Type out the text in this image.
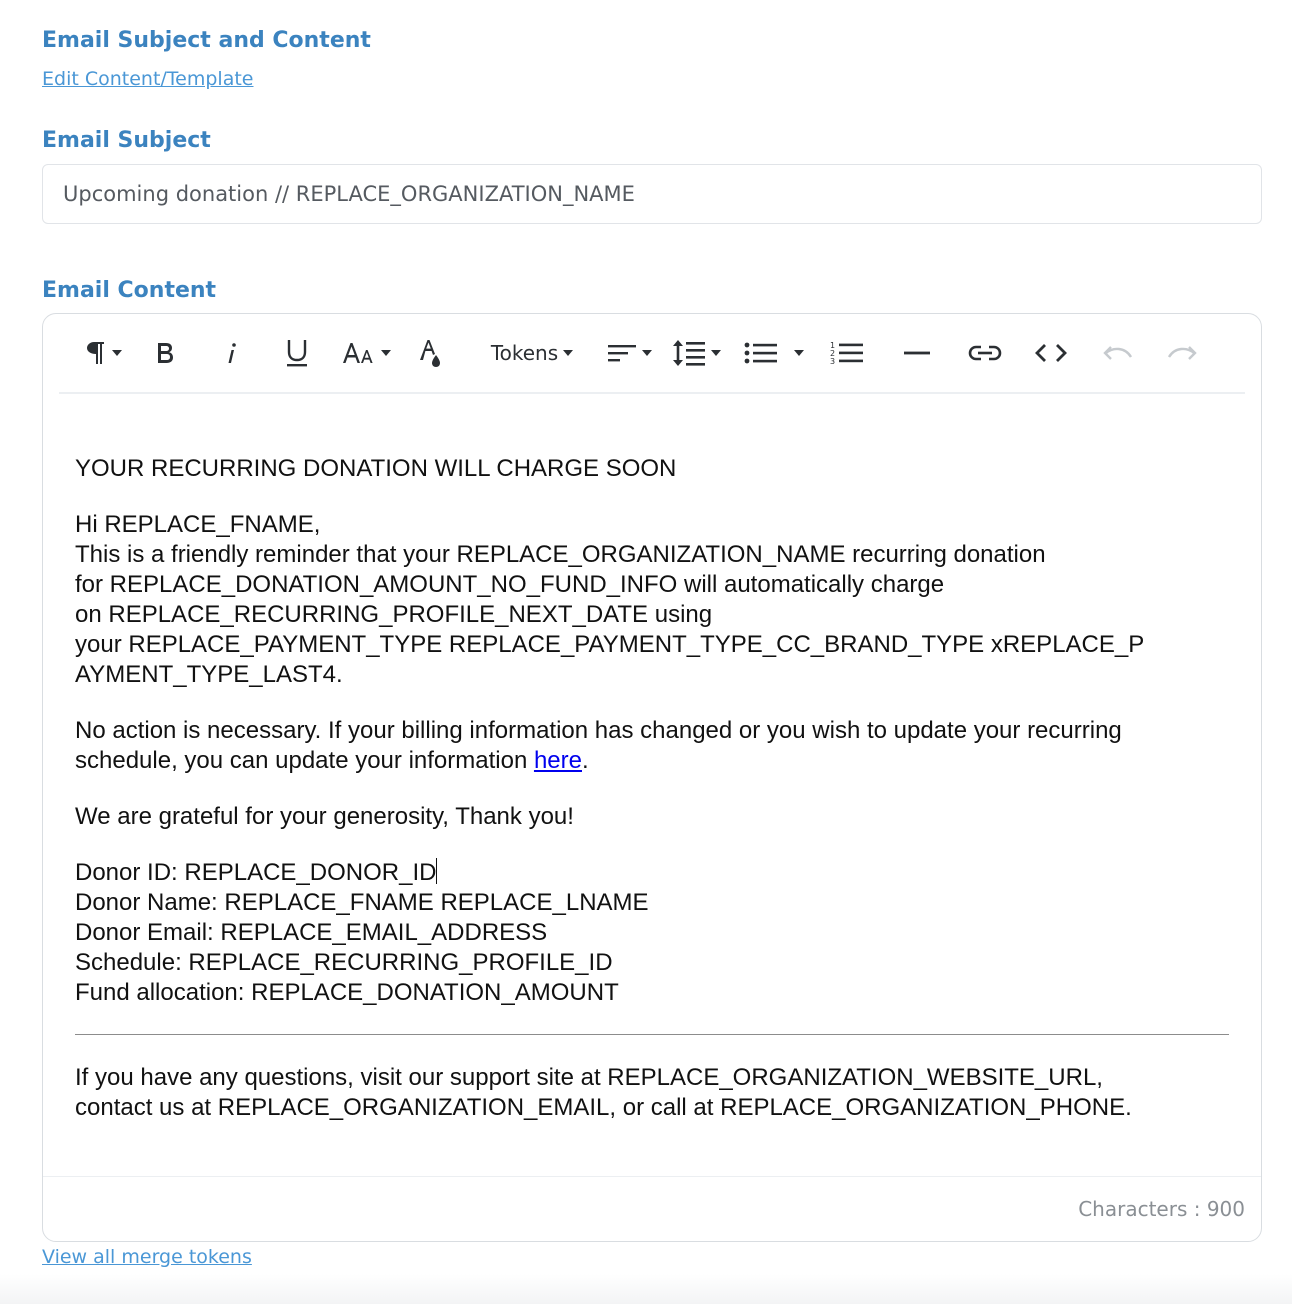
Email Subject and Content
Edit Content/Template
Email Subject
Upcoming donation // REPLACE_ORGANIZATION_NAME
Email Content
Tokens	1
2
3

YOUR RECURRING DONATION WILL CHARGE SOON

Hi REPLACE_FNAME,

This is a friendly reminder that your REPLACE_ORGANIZATION_NAME recurring donation

for REPLACE_DONATION_AMOUNT_NO_FUND_INFO will automatically charge

on REPLACE_RECURRING_PROFILE_NEXT_DATE using

your REPLACE_PAYMENT_TYPE REPLACE_PAYMENT_TYPE_CC_BRAND_TYPE xREPLACE_P

AYMENT_TYPE_LAST4.

No action is necessary. If your billing information has changed or you wish to update your recurring

schedule, you can update your information here.

We are grateful for your generosity, Thank you!

Donor ID: REPLACE_DONOR_ID

Donor Name: REPLACE_FNAME REPLACE_LNAME

Donor Email: REPLACE_EMAIL_ADDRESS

Schedule: REPLACE_RECURRING_PROFILE_ID

Fund allocation: REPLACE_DONATION_AMOUNT

If you have any questions, visit our support site at REPLACE_ORGANIZATION_WEBSITE_URL,

contact us at REPLACE_ORGANIZATION_EMAIL, or call at REPLACE_ORGANIZATION_PHONE.

Characters : 900
View all merge tokens
